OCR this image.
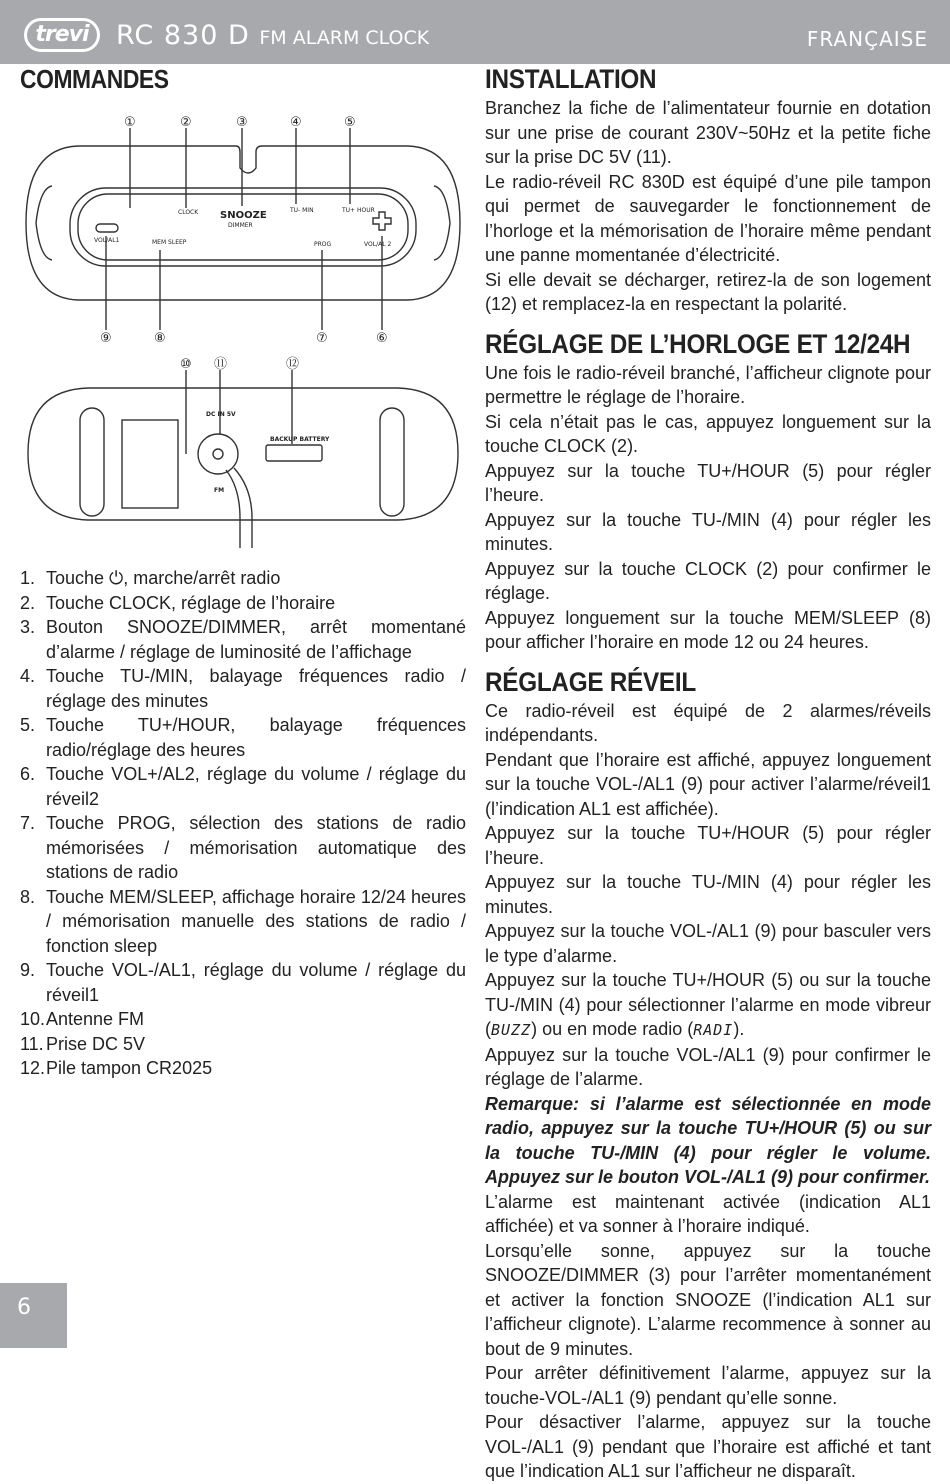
trevi	RC 830 D FM ALARM CLOCK	FRANÇAISE
COMMANDES
①	②	③	④	⑤
⑨	⑧	⑦	⑥
⑩ ⑪	⑫
CLOCK SNOOZE
DIMMER
TU- MIN	TU+ HOUR
VOL/AL1	MEM SLEEP	PROG	VOL/AL 2
DC IN 5V
BACKUP BATTERY
FM
1. Touche ⏻, marche/arrêt radio
2. Touche CLOCK, réglage de l’horaire
3. Bouton SNOOZE/DIMMER, arrêt momentané d’alarme / réglage de luminosité de l’affichage
4. Touche TU-/MIN, balayage fréquences radio / réglage des minutes
5. Touche TU+/HOUR, balayage fréquences radio/réglage des heures
6. Touche VOL+/AL2, réglage du volume / réglage du réveil2
7. Touche PROG, sélection des stations de radio mémorisées / mémorisation automatique des stations de radio
8. Touche MEM/SLEEP, affichage horaire 12/24 heures / mémorisation manuelle des stations de radio / fonction sleep
9. Touche VOL-/AL1, réglage du volume / réglage du réveil1
10. Antenne FM
11. Prise DC 5V
12. Pile tampon CR2025
INSTALLATION

Branchez la fiche de l’alimentateur fournie en dotation sur une prise de courant 230V~50Hz et la petite fiche sur la prise DC 5V (11).

Le radio-réveil RC 830D est équipé d’une pile tampon qui permet de sauvegarder le fonctionnement de l’horloge et la mémorisation de l’horaire même pendant une panne momentanée d’électricité.

Si elle devait se décharger, retirez-la de son logement (12) et remplacez-la en respectant la polarité.

RÉGLAGE DE L’HORLOGE ET 12/24H

Une fois le radio-réveil branché, l’afficheur clignote pour permettre le réglage de l’horaire.

Si cela n’était pas le cas, appuyez longuement sur la touche CLOCK (2).

Appuyez sur la touche TU+/HOUR (5) pour régler l’heure.

Appuyez sur la touche TU-/MIN (4) pour régler les minutes.

Appuyez sur la touche CLOCK (2) pour confirmer le réglage.

Appuyez longuement sur la touche MEM/SLEEP (8) pour afficher l’horaire en mode 12 ou 24 heures.

RÉGLAGE RÉVEIL

Ce radio-réveil est équipé de 2 alarmes/réveils indépendants.

Pendant que l’horaire est affiché, appuyez longuement sur la touche VOL-/AL1 (9) pour activer l’alarme/réveil1 (l’indication AL1 est affichée).

Appuyez sur la touche TU+/HOUR (5) pour régler l’heure.

Appuyez sur la touche TU-/MIN (4) pour régler les minutes.

Appuyez sur la touche VOL-/AL1 (9) pour basculer vers le type d’alarme.

Appuyez sur la touche TU+/HOUR (5) ou sur la touche TU-/MIN (4) pour sélectionner l’alarme en mode vibreur (BUZZ) ou en mode radio (RADI).

Appuyez sur la touche VOL-/AL1 (9) pour confirmer le réglage de l’alarme.

Remarque: si l’alarme est sélectionnée en mode radio, appuyez sur la touche TU+/HOUR (5) ou sur la touche TU-/MIN (4) pour régler le volume. Appuyez sur le bouton VOL-/AL1 (9) pour confirmer.

L’alarme est maintenant activée (indication AL1 affichée) et va sonner à l’horaire indiqué.

Lorsqu’elle sonne, appuyez sur la touche SNOOZE/DIMMER (3) pour l’arrêter momentanément et activer la fonction SNOOZE (l’indication AL1 sur l’afficheur clignote). L’alarme recommence à sonner au bout de 9 minutes.

Pour arrêter définitivement l’alarme, appuyez sur la touche-VOL-/AL1 (9) pendant qu’elle sonne.

Pour désactiver l’alarme, appuyez sur la touche VOL-/AL1 (9) pendant que l’horaire est affiché et tant que l’indication AL1 sur l’afficheur ne disparaît.

6
